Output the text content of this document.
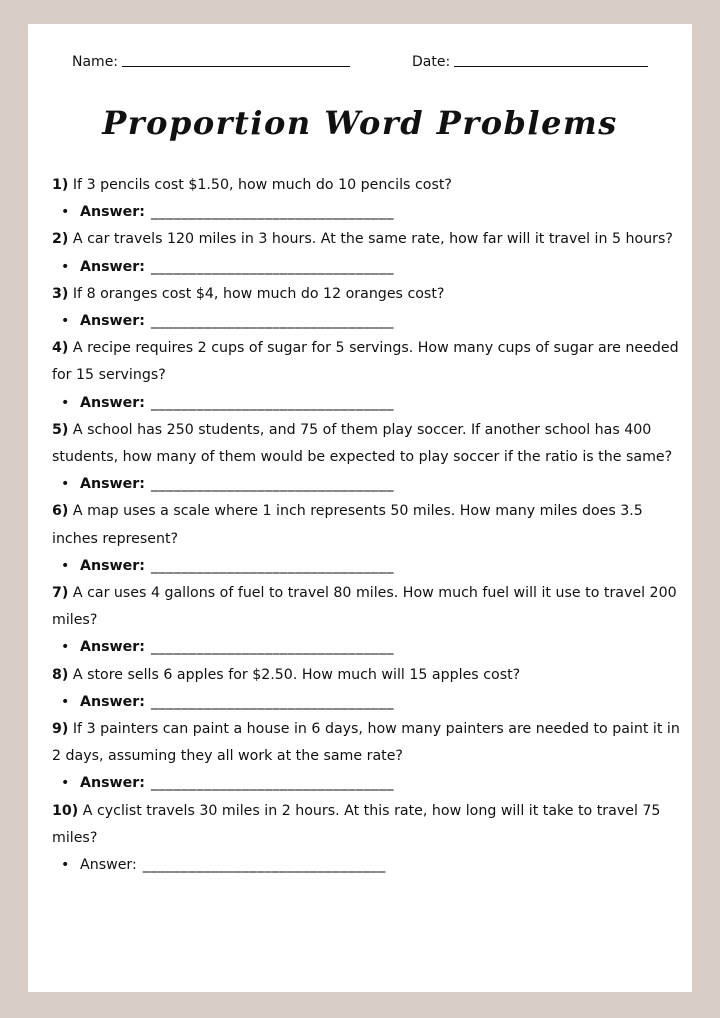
Name:	Date:
Proportion Word Problems

1) If 3 pencils cost $1.50, how much do 10 pencils cost?

• Answer: ________________________________

2) A car travels 120 miles in 3 hours. At the same rate, how far will it travel in 5 hours?

• Answer: ________________________________

3) If 8 oranges cost $4, how much do 12 oranges cost?

• Answer: ________________________________

4) A recipe requires 2 cups of sugar for 5 servings. How many cups of sugar are needed for 15 servings?

• Answer: ________________________________

5) A school has 250 students, and 75 of them play soccer. If another school has 400 students, how many of them would be expected to play soccer if the ratio is the same?

• Answer: ________________________________

6) A map uses a scale where 1 inch represents 50 miles. How many miles does 3.5 inches represent?

• Answer: ________________________________

7) A car uses 4 gallons of fuel to travel 80 miles. How much fuel will it use to travel 200 miles?

• Answer: ________________________________

8) A store sells 6 apples for $2.50. How much will 15 apples cost?

• Answer: ________________________________

9) If 3 painters can paint a house in 6 days, how many painters are needed to paint it in 2 days, assuming they all work at the same rate?

• Answer: ________________________________

10) A cyclist travels 30 miles in 2 hours. At this rate, how long will it take to travel 75 miles?

• Answer: ________________________________
